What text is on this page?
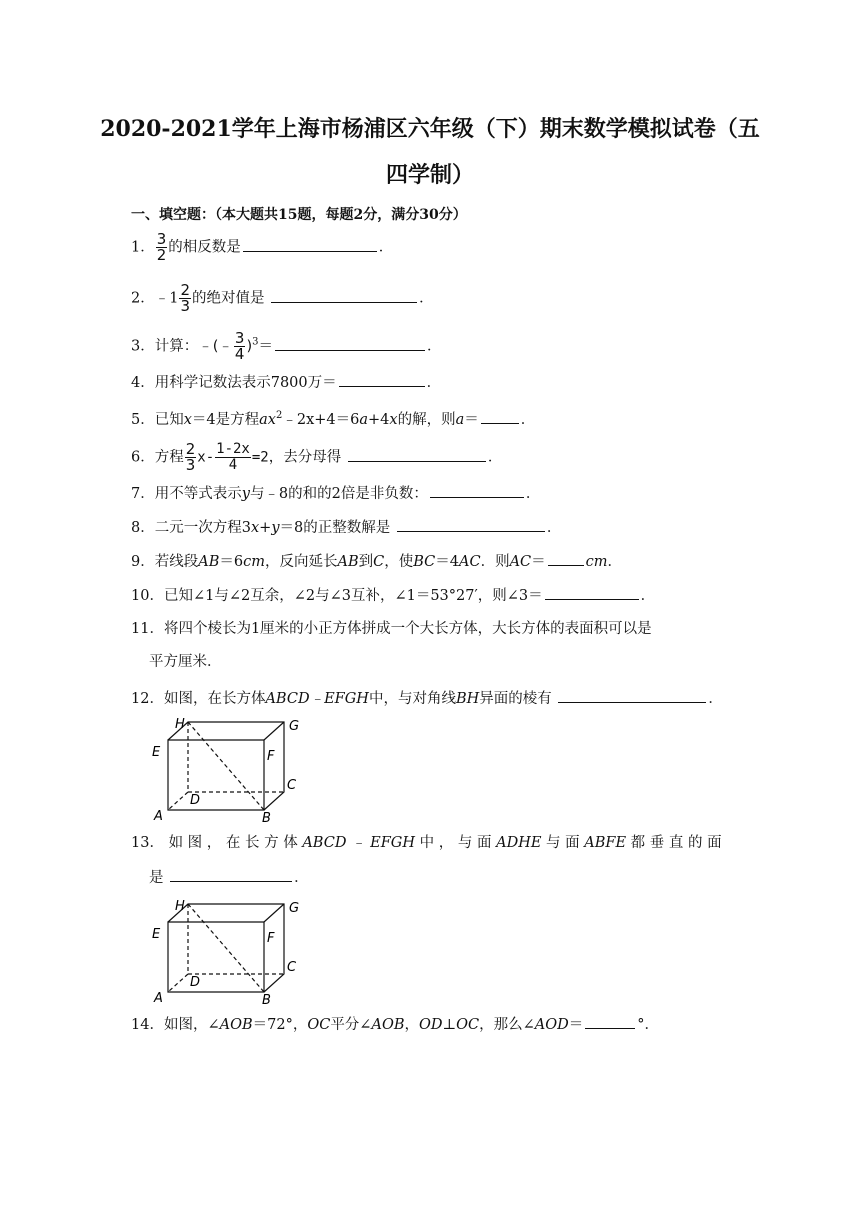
2020-2021学年上海市杨浦区六年级（下）期末数学模拟试卷（五
四学制）
一、填空题：（本大题共15题，每题2分，满分30分）
1． $\frac{3}{2}$ 的相反数是	．
2．﹣1 $\frac{2}{3}$ 的绝对值是	．
3．计算：﹣(﹣ $\frac{3}{4} )^3=$	．
4．用科学记数法表示7800万＝	．
5．已知x＝4是方程$ax^2﹣2x+4=6a+4x$的解，则a＝	．
6．方程 $\frac{2}{3} x- \frac{1-2x}{4} =2$，去分母得	．
7．用不等式表示y与﹣8的和的2倍是非负数：	．
8．二元一次方程3x+y＝8的正整数解是	．
9．若线段AB＝6cm，反向延长AB到C，使BC＝4AC．则AC＝	cm．
10．已知∠1与∠2互余，∠2与∠3互补，∠1＝53°27′，则∠3＝	．
11．将四个棱长为1厘米的小正方体拼成一个大长方体，大长方体的表面积可以是
平方厘米．
12．如图，在长方体ABCD﹣EFGH中，与对角线BH异面的棱有	．
H	G
E	F
C
D
A	B
13． 如 图 ， 在 长 方 体 ABCD ﹣ EFGH 中 ， 与 面 ADHE 与 面 ABFE 都 垂 直 的 面
是	．
H	G
E	F
C
D
A	B
14．如图，∠AOB＝72°，OC平分∠AOB，OD⊥OC，那么∠AOD＝	°．
